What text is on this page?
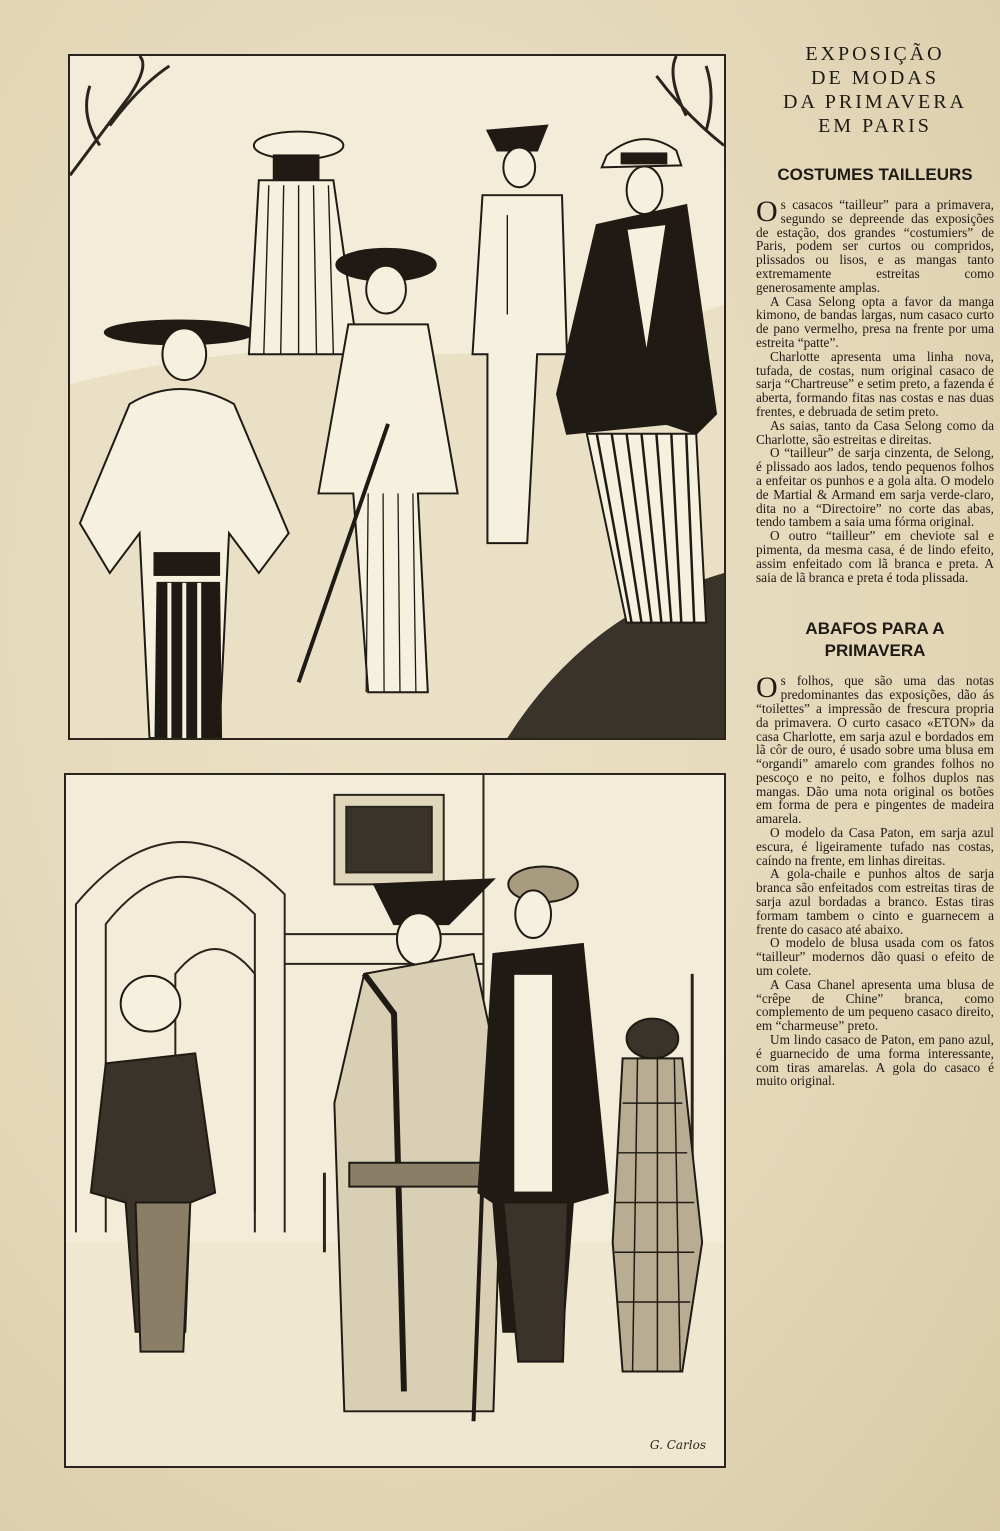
G. Carlos
EXPOSIÇÃO
DE MODAS
DA PRIMAVERA
EM PARIS
COSTUMES TAILLEURS

Os casacos “tailleur” para a primavera, segundo se depreende das exposições de estação, dos grandes “costumiers” de Paris, podem ser curtos ou compridos, plissados ou lisos, e as mangas tanto extremamente estreitas como generosamente amplas.

A Casa Selong opta a favor da manga kimono, de bandas largas, num casaco curto de pano vermelho, presa na frente por uma estreita “patte”.

Charlotte apresenta uma linha nova, tufada, de costas, num original casaco de sarja “Chartreuse” e setim preto, a fazenda é aberta, formando fitas nas costas e nas duas frentes, e debruada de setim preto.

As saias, tanto da Casa Selong como da Charlotte, são estreitas e direitas.

O “tailleur” de sarja cinzenta, de Selong, é plissado aos lados, tendo pequenos folhos a enfeitar os punhos e a gola alta. O modelo de Martial & Armand em sarja verde-claro, dita no a “Directoire” no corte das abas, tendo tambem a saia uma fórma original.

O outro “tailleur” em cheviote sal e pimenta, da mesma casa, é de lindo efeito, assim enfeitado com lã branca e preta. A saia de lã branca e preta é toda plissada.

ABAFOS PARA A PRIMAVERA

Os folhos, que são uma das notas predominantes das exposições, dão ás “toilettes” a impressão de frescura propria da primavera. O curto casaco «ETON» da casa Charlotte, em sarja azul e bordados em lã côr de ouro, é usado sobre uma blusa em “organdi” amarelo com grandes folhos no pescoço e no peito, e folhos duplos nas mangas. Dão uma nota original os botões em forma de pera e pingentes de madeira amarela.

O modelo da Casa Paton, em sarja azul escura, é ligeiramente tufado nas costas, caíndo na frente, em linhas direitas.

A gola-chaile e punhos altos de sarja branca são enfeitados com estreitas tiras de sarja azul bordadas a branco. Estas tiras formam tambem o cinto e guarnecem a frente do casaco até abaixo.

O modelo de blusa usada com os fatos “tailleur” modernos dão quasi o efeito de um colete.

A Casa Chanel apresenta uma blusa de “crêpe de Chine” branca, como complemento de um pequeno casaco direito, em “charmeuse” preto.

Um lindo casaco de Paton, em pano azul, é guarnecido de uma forma interessante, com tiras amarelas. A gola do casaco é muito original.
